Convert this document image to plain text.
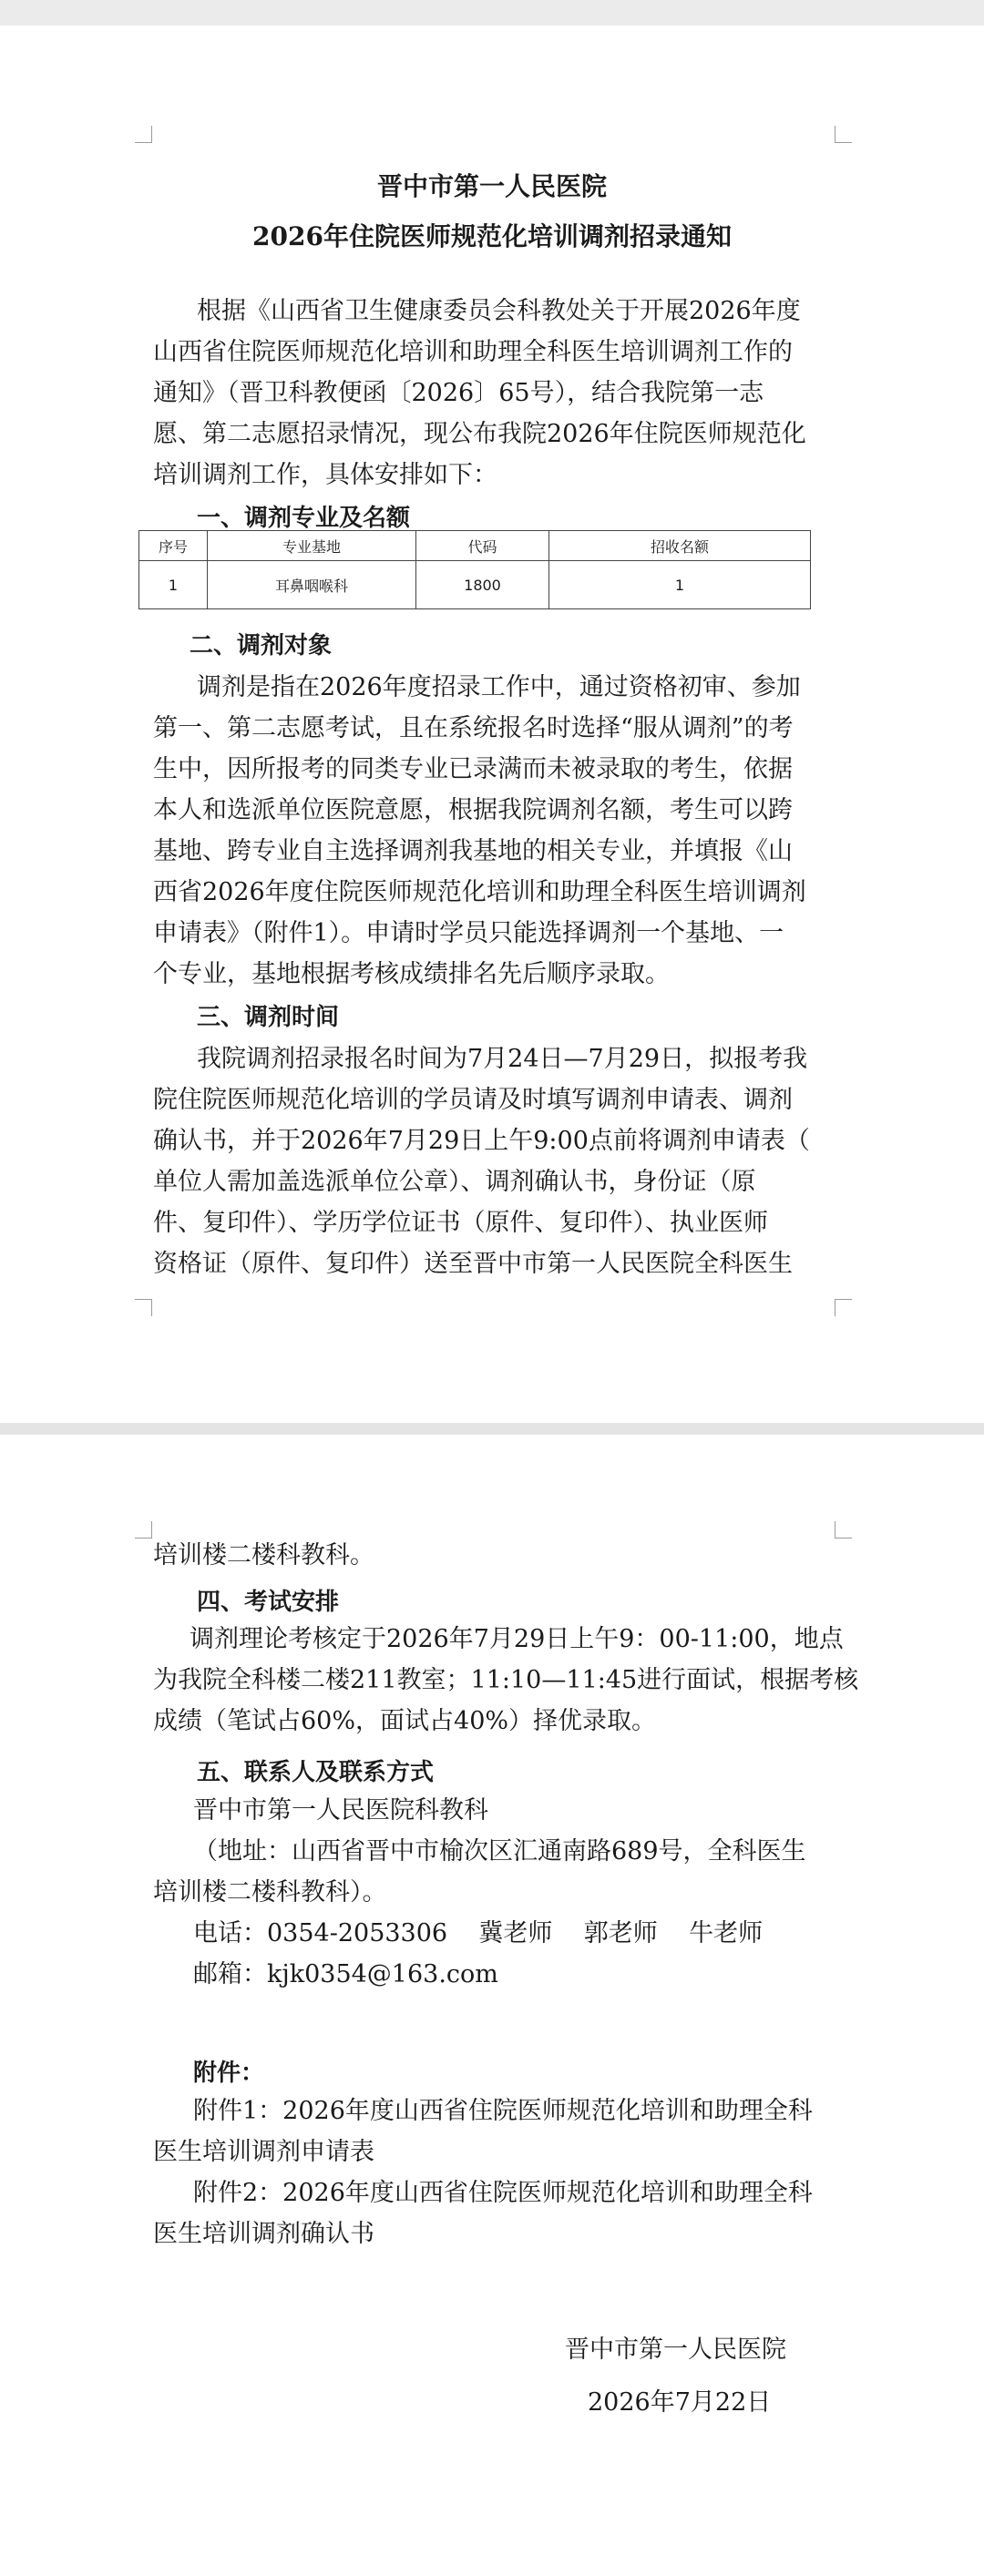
晋中市第一人民医院
2026年住院医师规范化培训调剂招录通知
根据《山西省卫生健康委员会科教处关于开展2026年度
山西省住院医师规范化培训和助理全科医生培训调剂工作的
通知》（晋卫科教便函〔2026〕65号），结合我院第一志
愿、第二志愿招录情况，现公布我院2026年住院医师规范化
培训调剂工作，具体安排如下：
一、调剂专业及名额
序号	专业基地	代码	招收名额
1	耳鼻咽喉科	1800	1
二、调剂对象
调剂是指在2026年度招录工作中，通过资格初审、参加
第一、第二志愿考试，且在系统报名时选择“服从调剂”的考
生中，因所报考的同类专业已录满而未被录取的考生，依据
本人和选派单位医院意愿，根据我院调剂名额，考生可以跨
基地、跨专业自主选择调剂我基地的相关专业，并填报《山
西省2026年度住院医师规范化培训和助理全科医生培训调剂
申请表》（附件1）。申请时学员只能选择调剂一个基地、一
个专业，基地根据考核成绩排名先后顺序录取。
三、调剂时间
我院调剂招录报名时间为7月24日—7月29日，拟报考我
院住院医师规范化培训的学员请及时填写调剂申请表、调剂
确认书，并于2026年7月29日上午9:00点前将调剂申请表（
单位人需加盖选派单位公章）、调剂确认书，身份证（原
件、复印件）、学历学位证书（原件、复印件）、执业医师
资格证（原件、复印件）送至晋中市第一人民医院全科医生
培训楼二楼科教科。
四、考试安排
调剂理论考核定于2026年7月29日上午9：00-11:00，地点
为我院全科楼二楼211教室；11:10—11:45进行面试，根据考核
成绩（笔试占60%，面试占40%）择优录取。
五、联系人及联系方式
晋中市第一人民医院科教科
（地址：山西省晋中市榆次区汇通南路689号，全科医生
培训楼二楼科教科）。
电话：0354-2053306    冀老师    郭老师    牛老师
邮箱：kjk0354@163.com
附件：
附件1：2026年度山西省住院医师规范化培训和助理全科
医生培训调剂申请表
附件2：2026年度山西省住院医师规范化培训和助理全科
医生培训调剂确认书
晋中市第一人民医院
2026年7月22日
